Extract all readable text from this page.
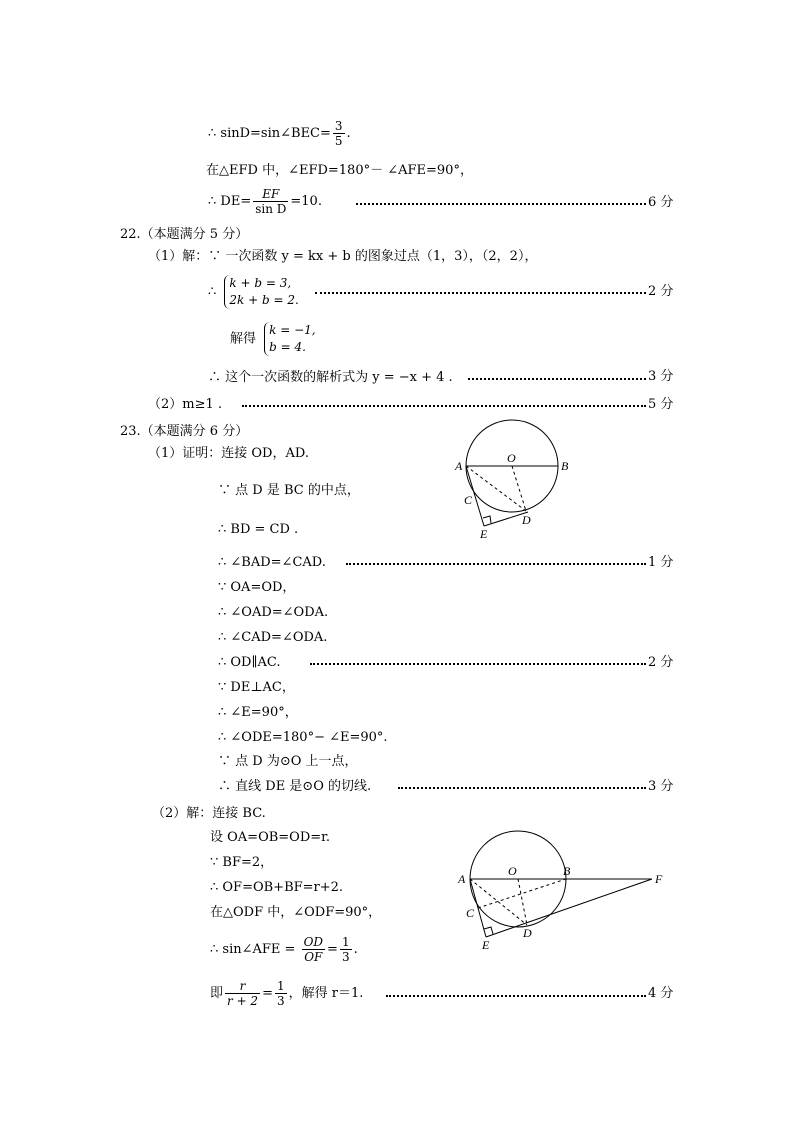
∴ sinD=sin∠BEC= $\frac{3}{5}$ .
在△EFD 中，∠EFD=180°－ ∠AFE=90°，
∴ $DE= \frac{EF}{\text{sin D}} =10$.	6 分
22.（本题满分 5 分）
（1）解：∵ 一次函数 y = kx + b 的图象过点（1，3），（2，2），
∴
k + b = 3,
2k + b = 2.
2 分
解得
k = −1,
b = 4.
∴ 这个一次函数的解析式为 y = −x + 4 .	3 分
（2）m≥1 .	5 分
23.（本题满分 6 分）
（1）证明：连接 OD，AD.
∵ 点 D 是 BC 的中点，
∴ BD = CD .
∴ ∠BAD=∠CAD.	1 分
∵ OA=OD，
∴ ∠OAD=∠ODA.
∴ ∠CAD=∠ODA.
∴ OD∥AC.	2 分
∵ DE⊥AC，
∴ ∠E=90°，
∴ ∠ODE=180°− ∠E=90°.
∵ 点 D 为⊙O 上一点，
∴ 直线 DE 是⊙O 的切线.	3 分
（2）解：连接 BC.
设 OA=OB=OD=r.
∵ BF=2，
∴ OF=OB+BF=r+2.
在△ODF 中，∠ODF=90°，
∴ sin∠AFE = $\frac{OD}{OF} = \frac{1}{3}$ .
即 $\frac{r}{r + 2} = \frac{1}{3}$ ，解得 r＝1.	4 分
A
O
B
C
D
E
A
O	B
F
C
D
E
